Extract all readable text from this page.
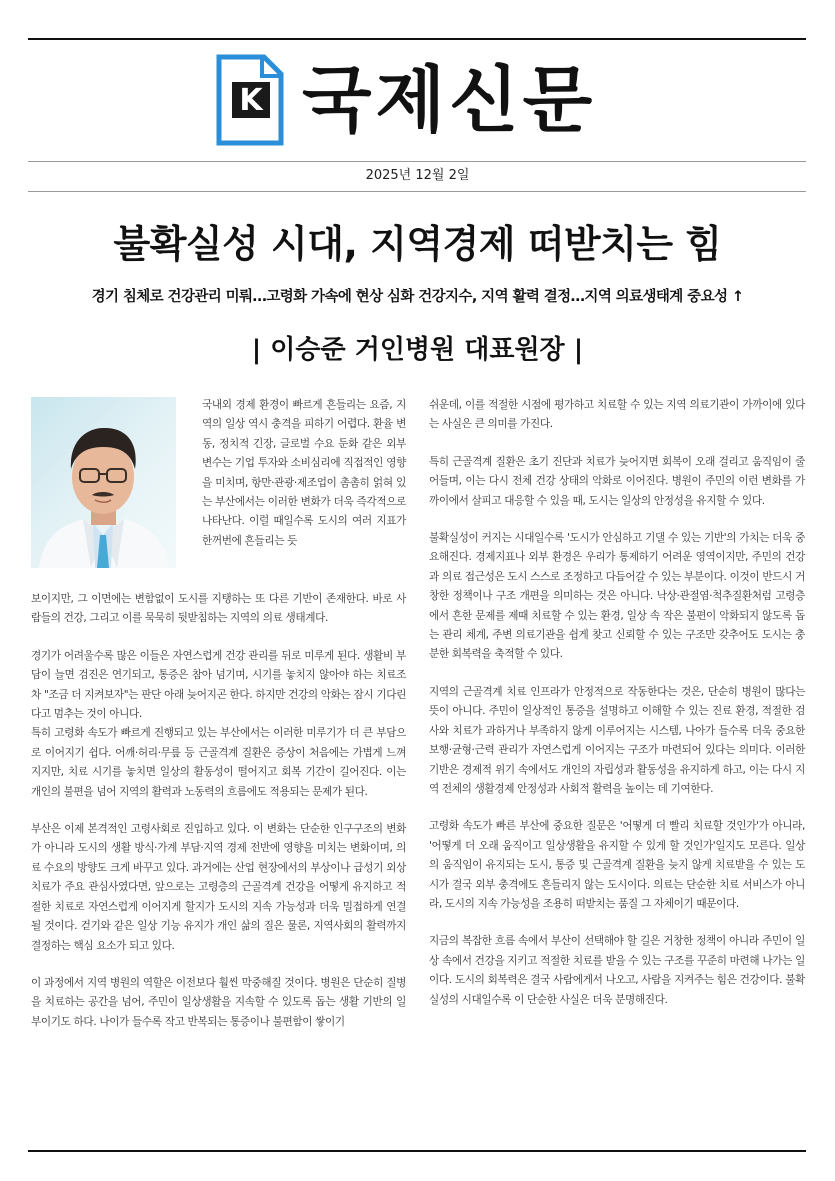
K 국제신문
2025년 12월 2일
불확실성 시대, 지역경제 떠받치는 힘
경기 침체로 건강관리 미뤄…고령화 가속에 현상 심화 건강지수, 지역 활력 결정…지역 의료생태계 중요성 ↑
| 이승준 거인병원 대표원장 |
국내외 경제 환경이 빠르게 흔들리는 요즘, 지역의 일상 역시 충격을 피하기 어렵다. 환율 변동, 정치적 긴장, 글로벌 수요 둔화 같은 외부 변수는 기업 투자와 소비심리에 직접적인 영향을 미치며, 항만·관광·제조업이 촘촘히 얽혀 있는 부산에서는 이러한 변화가 더욱 즉각적으로 나타난다. 이럴 때일수록 도시의 여러 지표가 한꺼번에 흔들리는 듯

보이지만, 그 이면에는 변함없이 도시를 지탱하는 또 다른 기반이 존재한다. 바로 사람들의 건강, 그리고 이를 묵묵히 뒷받침하는 지역의 의료 생태계다.

경기가 어려울수록 많은 이들은 자연스럽게 건강 관리를 뒤로 미루게 된다. 생활비 부담이 늘면 검진은 연기되고, 통증은 참아 넘기며, 시기를 놓치지 않아야 하는 치료조차 "조금 더 지켜보자"는 판단 아래 늦어지곤 한다. 하지만 건강의 악화는 잠시 기다린다고 멈추는 것이 아니다.

특히 고령화 속도가 빠르게 진행되고 있는 부산에서는 이러한 미루기가 더 큰 부담으로 이어지기 쉽다. 어깨·허리·무릎 등 근골격계 질환은 증상이 처음에는 가볍게 느껴지지만, 치료 시기를 놓치면 일상의 활동성이 떨어지고 회복 기간이 길어진다. 이는 개인의 불편을 넘어 지역의 활력과 노동력의 흐름에도 적용되는 문제가 된다.

부산은 이제 본격적인 고령사회로 진입하고 있다. 이 변화는 단순한 인구구조의 변화가 아니라 도시의 생활 방식·가계 부담·지역 경제 전반에 영향을 미치는 변화이며, 의료 수요의 방향도 크게 바꾸고 있다. 과거에는 산업 현장에서의 부상이나 급성기 외상 치료가 주요 관심사였다면, 앞으로는 고령층의 근골격계 건강을 어떻게 유지하고 적절한 치료로 자연스럽게 이어지게 할지가 도시의 지속 가능성과 더욱 밀접하게 연결될 것이다. 걷기와 같은 일상 기능 유지가 개인 삶의 질은 물론, 지역사회의 활력까지 결정하는 핵심 요소가 되고 있다.

이 과정에서 지역 병원의 역할은 이전보다 훨씬 막중해질 것이다. 병원은 단순히 질병을 치료하는 공간을 넘어, 주민이 일상생활을 지속할 수 있도록 돕는 생활 기반의 일부이기도 하다. 나이가 들수록 작고 반복되는 통증이나 불편함이 쌓이기

쉬운데, 이를 적절한 시점에 평가하고 치료할 수 있는 지역 의료기관이 가까이에 있다는 사실은 큰 의미를 가진다.

특히 근골격계 질환은 초기 진단과 치료가 늦어지면 회복이 오래 걸리고 움직임이 줄어들며, 이는 다시 전체 건강 상태의 악화로 이어진다. 병원이 주민의 이런 변화를 가까이에서 살피고 대응할 수 있을 때, 도시는 일상의 안정성을 유지할 수 있다.

불확실성이 커지는 시대일수록 '도시가 안심하고 기댈 수 있는 기반'의 가치는 더욱 중요해진다. 경제지표나 외부 환경은 우리가 통제하기 어려운 영역이지만, 주민의 건강과 의료 접근성은 도시 스스로 조정하고 다듬어갈 수 있는 부분이다. 이것이 반드시 거창한 정책이나 구조 개편을 의미하는 것은 아니다. 낙상·관절염·척추질환처럼 고령층에서 흔한 문제를 제때 치료할 수 있는 환경, 일상 속 작은 불편이 악화되지 않도록 돕는 관리 체계, 주변 의료기관을 쉽게 찾고 신뢰할 수 있는 구조만 갖추어도 도시는 충분한 회복력을 축적할 수 있다.

지역의 근골격계 치료 인프라가 안정적으로 작동한다는 것은, 단순히 병원이 많다는 뜻이 아니다. 주민이 일상적인 통증을 설명하고 이해할 수 있는 진료 환경, 적절한 검사와 치료가 과하거나 부족하지 않게 이루어지는 시스템, 나아가 들수록 더욱 중요한 보행·균형·근력 관리가 자연스럽게 이어지는 구조가 마련되어 있다는 의미다. 이러한 기반은 경제적 위기 속에서도 개인의 자립성과 활동성을 유지하게 하고, 이는 다시 지역 전체의 생활경제 안정성과 사회적 활력을 높이는 데 기여한다.

고령화 속도가 빠른 부산에 중요한 질문은 '어떻게 더 빨리 치료할 것인가'가 아니라, '어떻게 더 오래 움직이고 일상생활을 유지할 수 있게 할 것인가'일지도 모른다. 일상의 움직임이 유지되는 도시, 통증 및 근골격계 질환을 늦지 않게 치료받을 수 있는 도시가 결국 외부 충격에도 흔들리지 않는 도시이다. 의료는 단순한 치료 서비스가 아니라, 도시의 지속 가능성을 조용히 떠받치는 품질 그 자체이기 때문이다.

지금의 복잡한 흐름 속에서 부산이 선택해야 할 길은 거창한 정책이 아니라 주민이 일상 속에서 건강을 지키고 적절한 치료를 받을 수 있는 구조를 꾸준히 마련해 나가는 일이다. 도시의 회복력은 결국 사람에게서 나오고, 사람을 지켜주는 힘은 건강이다. 불확실성의 시대일수록 이 단순한 사실은 더욱 분명해진다.
